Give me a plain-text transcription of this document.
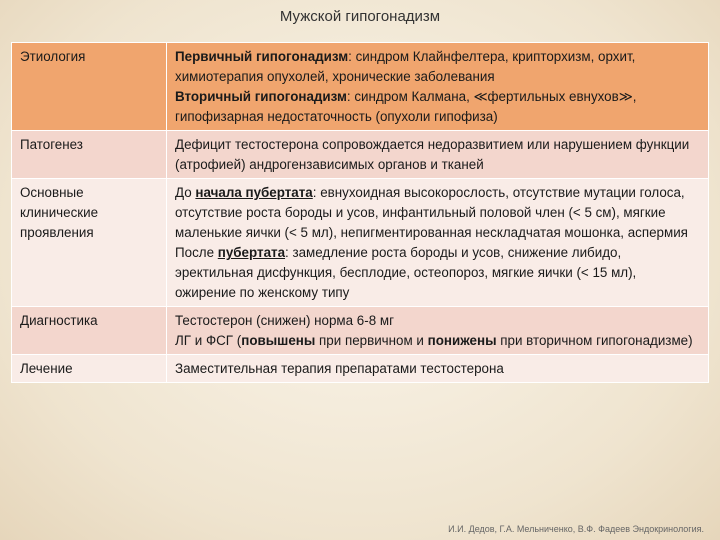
Мужской гипогонадизм
Этиология	Первичный гипогонадизм: синдром Клайнфелтера, крипторхизм, орхит, химиотерапия опухолей, хронические заболевания
Вторичный гипогонадизм: синдром Калмана, ≪фертильных евнухов≫, гипофизарная недостаточность (опухоли гипофиза)
Патогенез	Дефицит тестостерона сопровождается недоразвитием или нарушением функции (атрофией) андрогензависимых органов и тканей
Основные клинические проявления	До начала пубертата: евнухоидная высокорослость, отсутствие мутации голоса, отсутствие роста бороды и усов, инфантильный половой член (< 5 см), мягкие маленькие яички (< 5 мл), непигментированная нескладчатая мошонка, аспермия
После пубертата: замедление роста бороды и усов, снижение либидо, эректильная дисфункция, бесплодие, остеопороз, мягкие яички (< 15 мл), ожирение по женскому типу
Диагностика	Тестостерон (снижен) норма 6-8 мг
ЛГ и ФСГ (повышены при первичном и понижены при вторичном гипогонадизме)
Лечение	Заместительная терапия препаратами тестостерона
И.И. Дедов, Г.А. Мельниченко, В.Ф. Фадеев Эндокринология.
